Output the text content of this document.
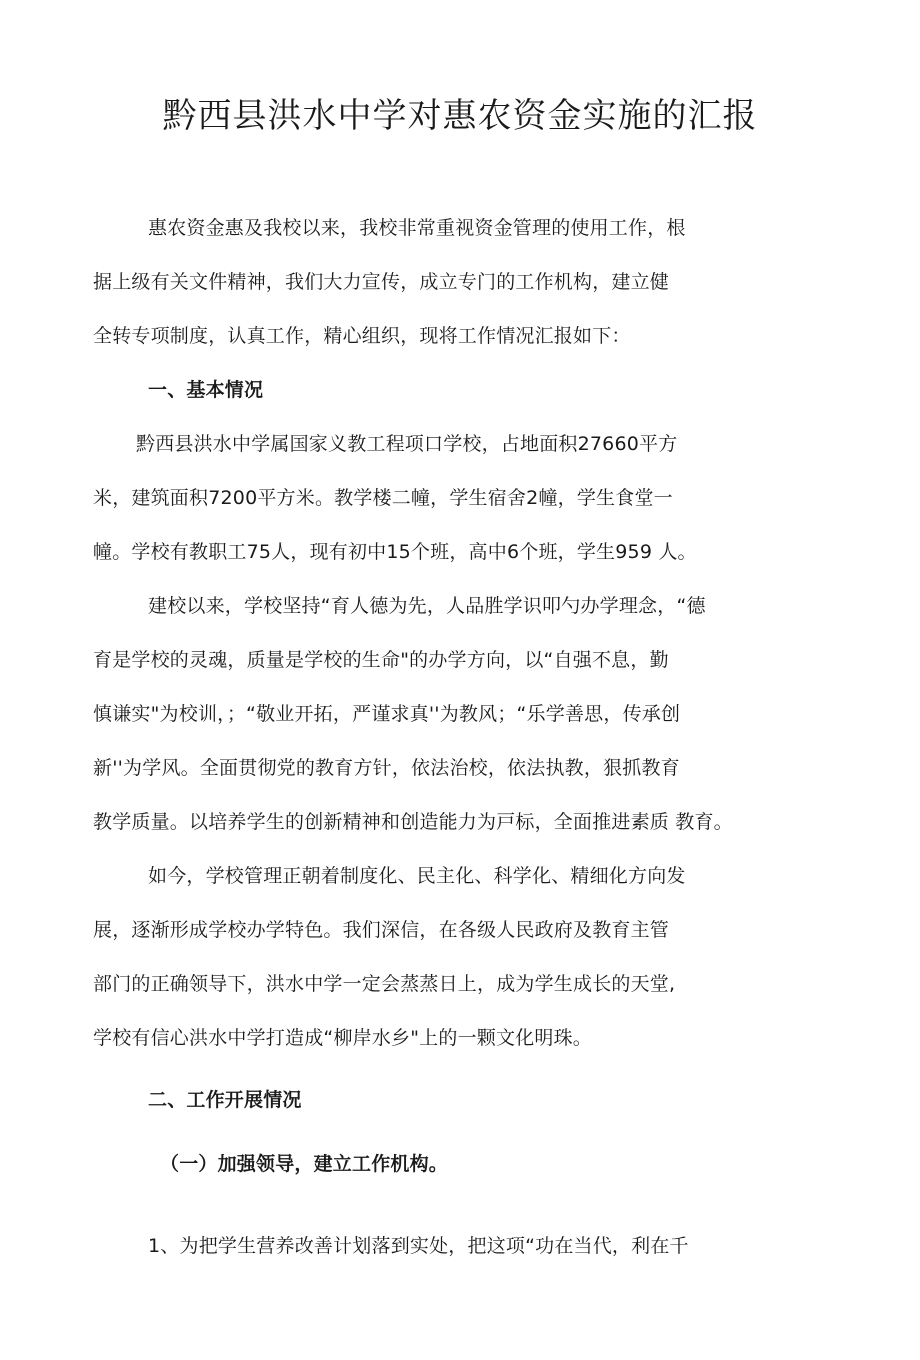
黔西县洪水中学对惠农资金实施的汇报
惠农资金惠及我校以来，我校非常重视资金管理的使用工作，根
据上级有关文件精神，我们大力宣传，成立专门的工作机构，建立健
全转专项制度，认真工作，精心组织，现将工作情况汇报如下：
一、基本情况
黔西县洪水中学属国家义教工程项口学校，占地面积27660平方
米，建筑面积7200平方米。教学楼二幢，学生宿舍2幢，学生食堂一
幢。学校有教职工75人，现有初中15个班，高中6个班，学生959 人。
建校以来，学校坚持“育人德为先，人品胜学识叩勺办学理念，“德
育是学校的灵魂，质量是学校的生命"的办学方向，以“自强不息，勤
慎谦实"为校训，；“敬业开拓，严谨求真''为教风；“乐学善思，传承创
新''为学风。全面贯彻党的教育方针，依法治校，依法执教，狠抓教育
教学质量。以培养学生的创新精神和创造能力为戸标，全面推进素质 教育。
如今，学校管理正朝着制度化、民主化、科学化、精细化方向发
展，逐渐形成学校办学特色。我们深信，在各级人民政府及教育主管
部门的正确领导下，洪水中学一定会蒸蒸日上，成为学生成长的天堂,
学校有信心洪水中学打造成“柳岸水乡"上的一颗文化明珠。
二、工作开展情况
（一）加强领导，建立工作机构。
1、为把学生营养改善计划落到实处，把这项“功在当代，利在千
